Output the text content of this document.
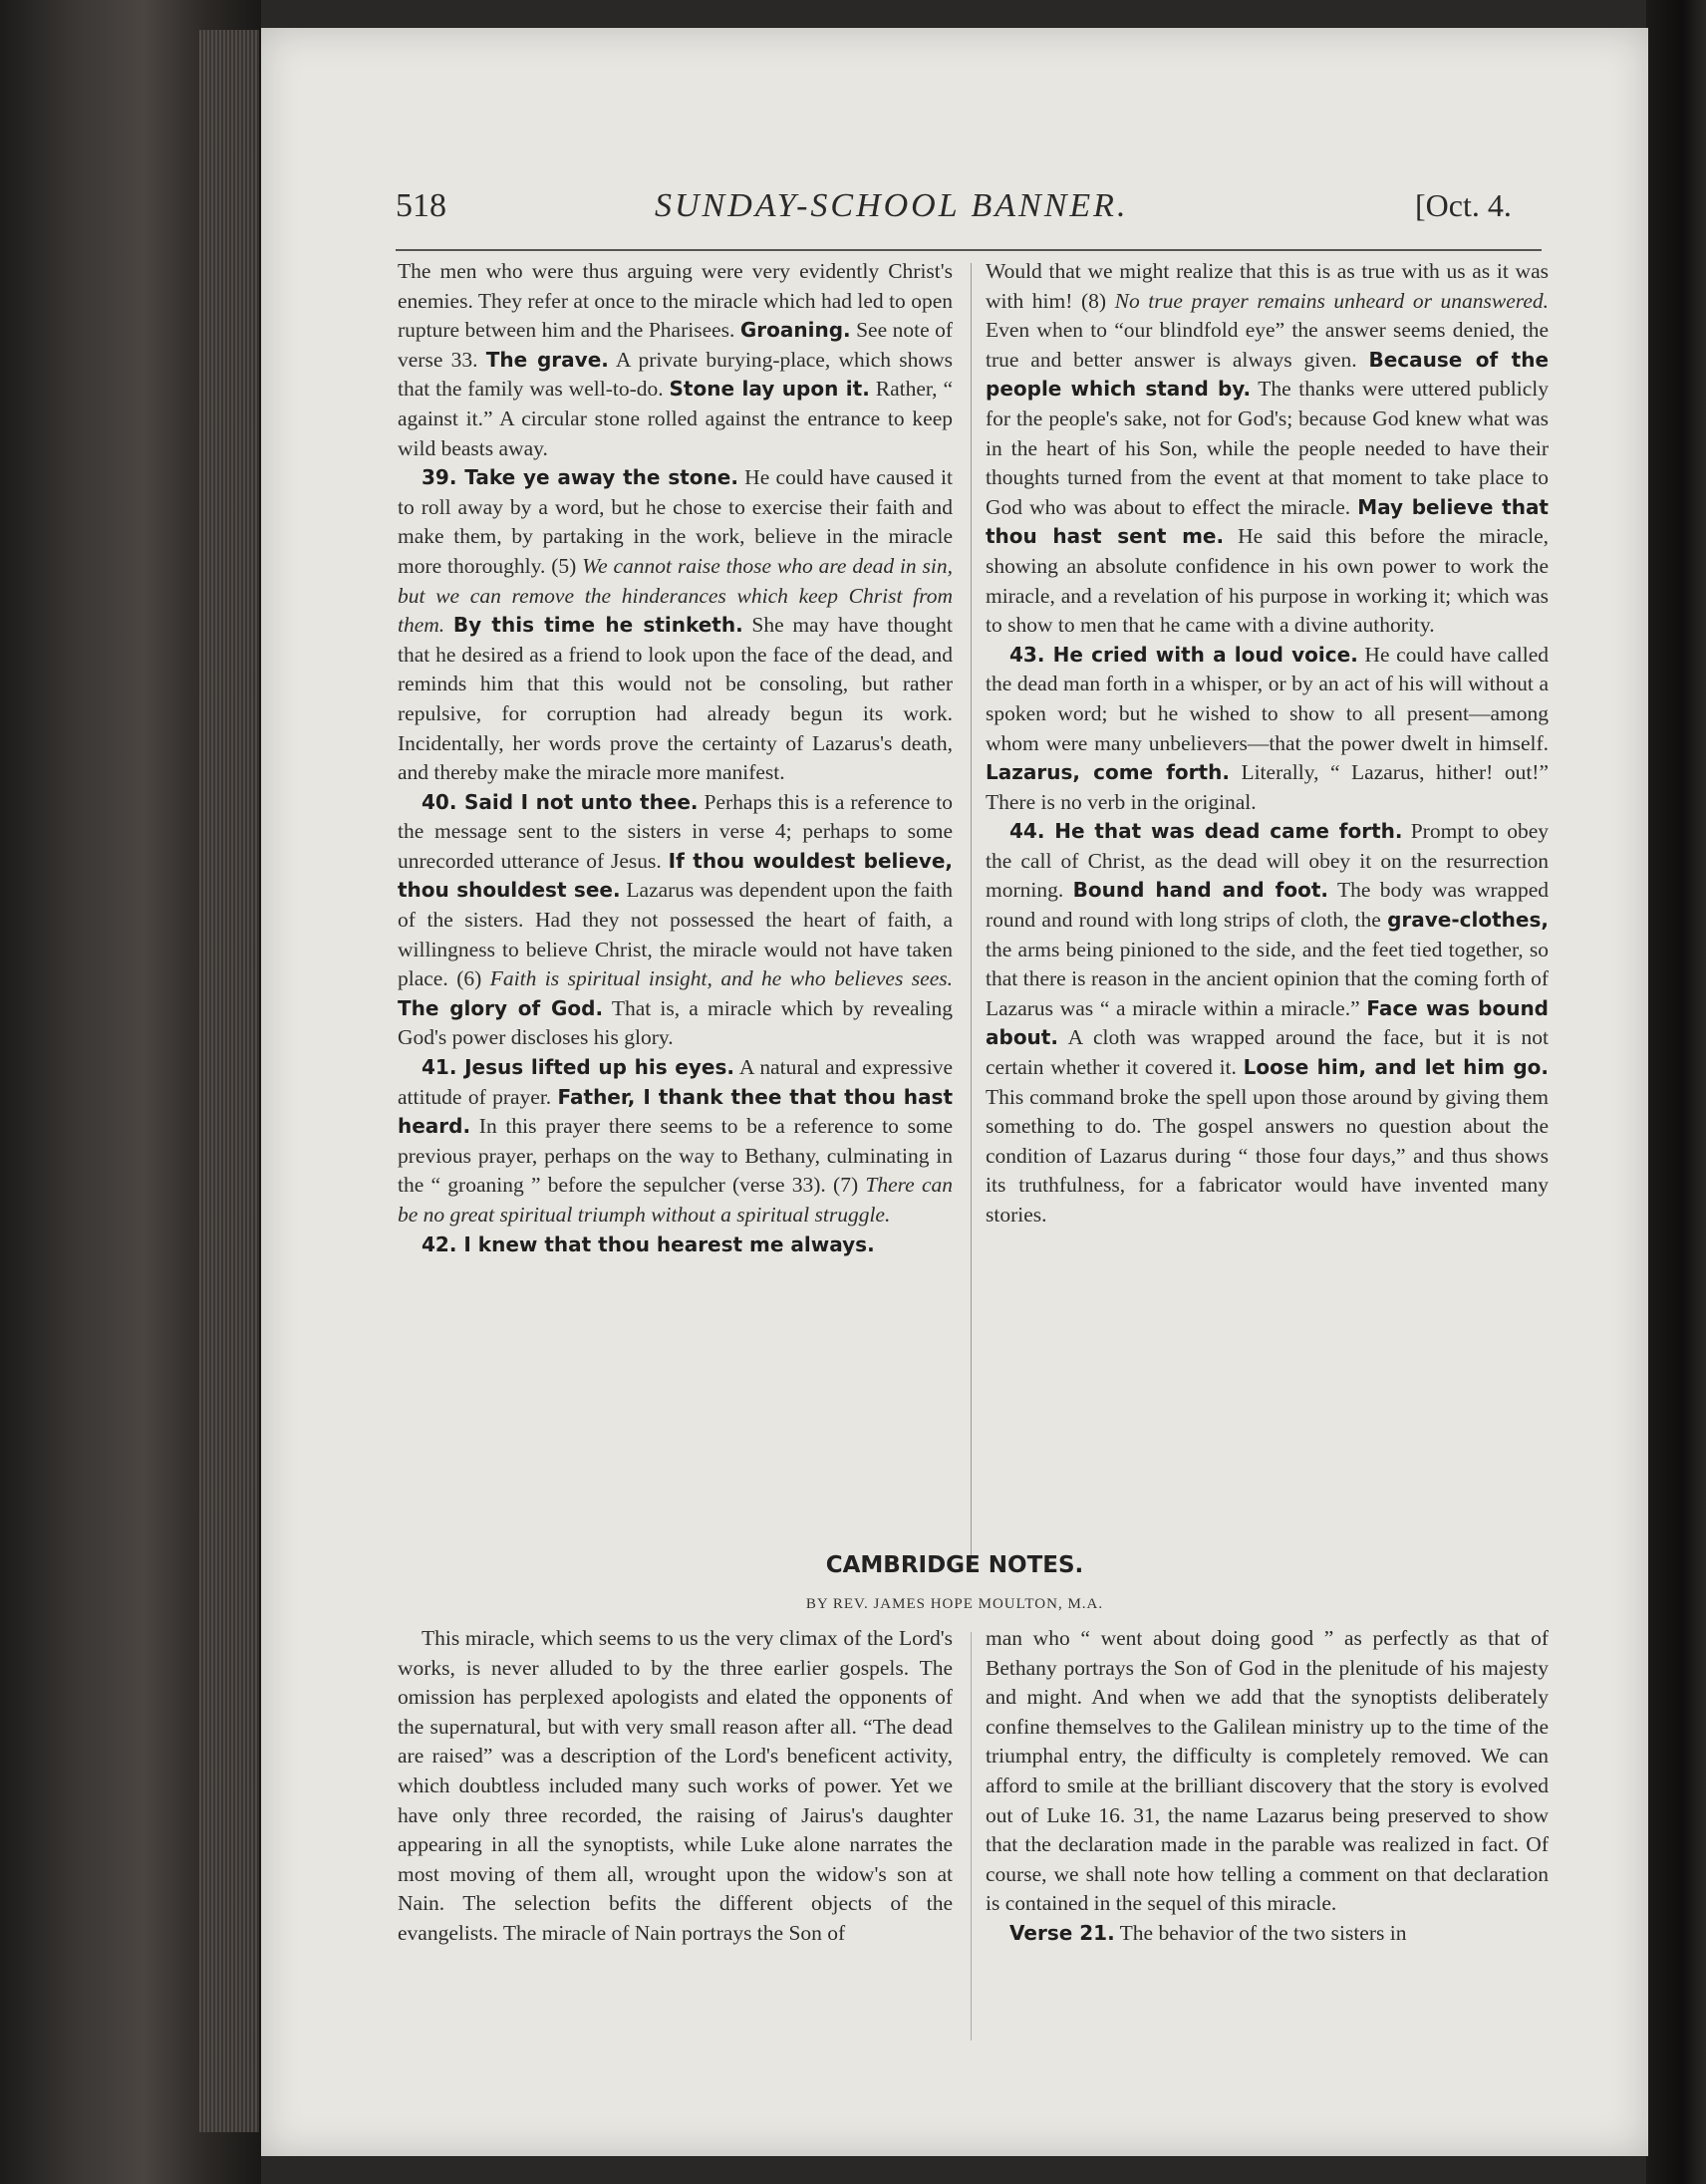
518	SUNDAY-SCHOOL BANNER.	[Oct. 4.

The men who were thus arguing were very evidently Christ's enemies. They refer at once to the miracle which had led to open rupture between him and the Pharisees. Groaning. See note of verse 33. The grave. A private burying-place, which shows that the family was well-to-do. Stone lay upon it. Rather, “ against it.” A circular stone rolled against the entrance to keep wild beasts away.

39. Take ye away the stone. He could have caused it to roll away by a word, but he chose to exercise their faith and make them, by partaking in the work, believe in the miracle more thoroughly. (5) We cannot raise those who are dead in sin, but we can remove the hinderances which keep Christ from them. By this time he stinketh. She may have thought that he desired as a friend to look upon the face of the dead, and reminds him that this would not be consoling, but rather repulsive, for corruption had already begun its work. Incidentally, her words prove the certainty of Lazarus's death, and thereby make the miracle more manifest.

40. Said I not unto thee. Perhaps this is a reference to the message sent to the sisters in verse 4; perhaps to some unrecorded utterance of Jesus. If thou wouldest believe, thou shouldest see. Lazarus was dependent upon the faith of the sisters. Had they not possessed the heart of faith, a willingness to believe Christ, the miracle would not have taken place. (6) Faith is spiritual insight, and he who believes sees. The glory of God. That is, a miracle which by revealing God's power discloses his glory.

41. Jesus lifted up his eyes. A natural and expressive attitude of prayer. Father, I thank thee that thou hast heard. In this prayer there seems to be a reference to some previous prayer, perhaps on the way to Bethany, culminating in the “ groaning ” before the sepulcher (verse 33). (7) There can be no great spiritual triumph without a spiritual struggle.

42. I knew that thou hearest me always.

Would that we might realize that this is as true with us as it was with him! (8) No true prayer remains unheard or unanswered. Even when to “our blindfold eye” the answer seems denied, the true and better answer is always given. Because of the people which stand by. The thanks were uttered publicly for the people's sake, not for God's; because God knew what was in the heart of his Son, while the people needed to have their thoughts turned from the event at that moment to take place to God who was about to effect the miracle. May believe that thou hast sent me. He said this before the miracle, showing an absolute confidence in his own power to work the miracle, and a revelation of his purpose in working it; which was to show to men that he came with a divine authority.

43. He cried with a loud voice. He could have called the dead man forth in a whisper, or by an act of his will without a spoken word; but he wished to show to all present—among whom were many unbelievers—that the power dwelt in himself. Lazarus, come forth. Literally, “ Lazarus, hither! out!” There is no verb in the original.

44. He that was dead came forth. Prompt to obey the call of Christ, as the dead will obey it on the resurrection morning. Bound hand and foot. The body was wrapped round and round with long strips of cloth, the grave-clothes, the arms being pinioned to the side, and the feet tied together, so that there is reason in the ancient opinion that the coming forth of Lazarus was “ a miracle within a miracle.” Face was bound about. A cloth was wrapped around the face, but it is not certain whether it covered it. Loose him, and let him go. This command broke the spell upon those around by giving them something to do. The gospel answers no question about the condition of Lazarus during “ those four days,” and thus shows its truthfulness, for a fabricator would have invented many stories.

CAMBRIDGE NOTES.
BY REV. JAMES HOPE MOULTON, M.A.

This miracle, which seems to us the very climax of the Lord's works, is never alluded to by the three earlier gospels. The omission has perplexed apologists and elated the opponents of the supernatural, but with very small reason after all. “The dead are raised” was a description of the Lord's beneficent activity, which doubtless included many such works of power. Yet we have only three recorded, the raising of Jairus's daughter appearing in all the synoptists, while Luke alone narrates the most moving of them all, wrought upon the widow's son at Nain. The selection befits the different objects of the evangelists. The miracle of Nain portrays the Son of

man who “ went about doing good ” as perfectly as that of Bethany portrays the Son of God in the plenitude of his majesty and might. And when we add that the synoptists deliberately confine themselves to the Galilean ministry up to the time of the triumphal entry, the difficulty is completely removed. We can afford to smile at the brilliant discovery that the story is evolved out of Luke 16. 31, the name Lazarus being preserved to show that the declaration made in the parable was realized in fact. Of course, we shall note how telling a comment on that declaration is contained in the sequel of this miracle.

Verse 21. The behavior of the two sisters in
